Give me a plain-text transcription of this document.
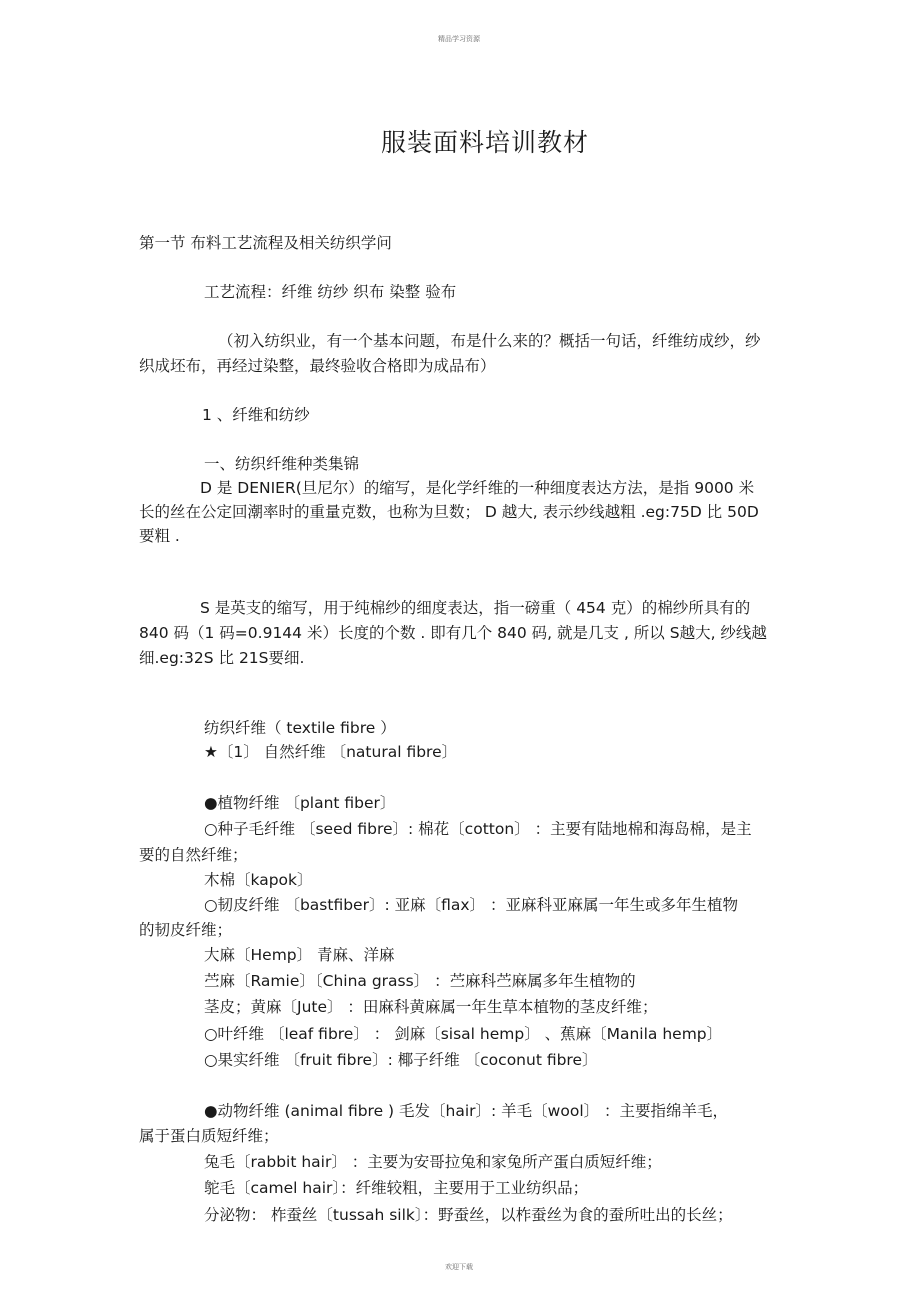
精品学习资源
服装面料培训教材
第一节 布料工艺流程及相关纺织学问
工艺流程：纤维 纺纱 织布 染整 验布
（初入纺织业，有一个基本问题，布是什么来的？概括一句话，纤维纺成纱，纱
织成坯布，再经过染整，最终验收合格即为成品布）
1 、纤维和纺纱
一、纺织纤维种类集锦
D 是 DENIER(旦尼尔）的缩写，是化学纤维的一种细度表达方法，是指 9000 米
长的丝在公定回潮率时的重量克数，也称为旦数； D 越大, 表示纱线越粗 .eg:75D 比 50D
要粗 .
S 是英支的缩写，用于纯棉纱的细度表达，指一磅重（ 454 克）的棉纱所具有的
840 码（1 码=0.9144 米）长度的个数 . 即有几个 840 码, 就是几支 , 所以 S越大, 纱线越
细.eg:32S 比 21S要细.
纺织纤维（ textile fibre ）
★〔1〕 自然纤维 〔natural fibre〕
●植物纤维 〔plant fiber〕
○种子毛纤维 〔seed fibre〕: 棉花〔cotton〕 ：主要有陆地棉和海岛棉，是主
要的自然纤维；
木棉〔kapok〕
○韧皮纤维 〔bastfiber〕: 亚麻〔flax〕 ：亚麻科亚麻属一年生或多年生植物
的韧皮纤维；
大麻〔Hemp〕 青麻、洋麻
苎麻〔Ramie〕〔China grass〕 ：苎麻科苎麻属多年生植物的
茎皮；黄麻〔Jute〕 ：田麻科黄麻属一年生草本植物的茎皮纤维；
○叶纤维 〔leaf fibre〕 ： 剑麻〔sisal hemp〕 、蕉麻〔Manila hemp〕
○果实纤维 〔fruit fibre〕: 椰子纤维 〔coconut fibre〕
●动物纤维 (animal fibre ) 毛发〔hair〕: 羊毛〔wool〕 ：主要指绵羊毛，
属于蛋白质短纤维；
兔毛〔rabbit hair〕 ：主要为安哥拉兔和家兔所产蛋白质短纤维；
鸵毛〔camel hair〕：纤维较粗，主要用于工业纺织品；
分泌物： 柞蚕丝〔tussah silk〕：野蚕丝，以柞蚕丝为食的蚕所吐出的长丝；
欢迎下载
